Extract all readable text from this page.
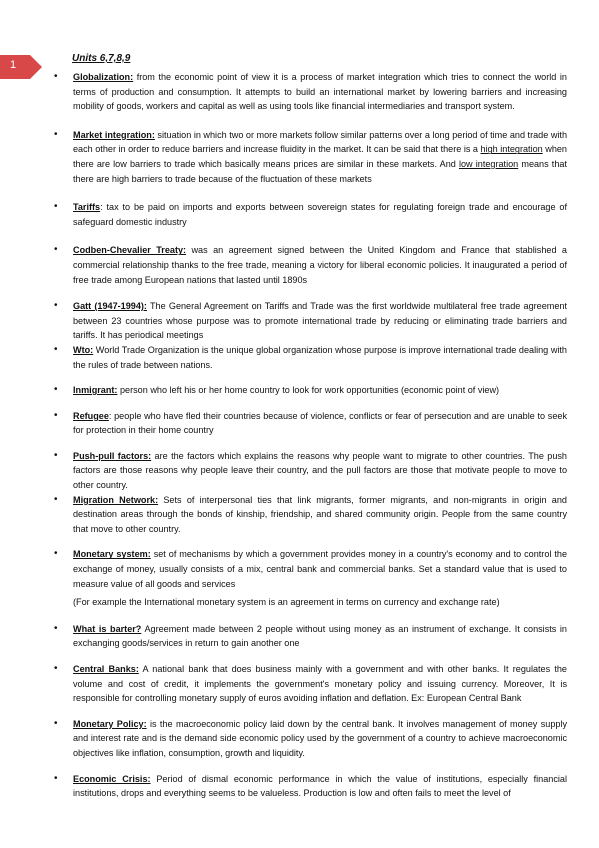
1
Units 6,7,8,9
• Globalization: from the economic point of view it is a process of market integration which tries to connect the world in terms of production and consumption. It attempts to build an international market by lowering barriers and increasing mobility of goods, workers and capital as well as using tools like financial intermediaries and transport system.
• Market integration: situation in which two or more markets follow similar patterns over a long period of time and trade with each other in order to reduce barriers and increase fluidity in the market. It can be said that there is a high integration when there are low barriers to trade which basically means prices are similar in these markets. And low integration means that there are high barriers to trade because of the fluctuation of these markets
• Tariffs: tax to be paid on imports and exports between sovereign states for regulating foreign trade and encourage of safeguard domestic industry
• Codben-Chevalier Treaty: was an agreement signed between the United Kingdom and France that stablished a commercial relationship thanks to the free trade, meaning a victory for liberal economic policies. It inaugurated a period of free trade among European nations that lasted until 1890s
• Gatt (1947-1994): The General Agreement on Tariffs and Trade was the first worldwide multilateral free trade agreement between 23 countries whose purpose was to promote international trade by reducing or eliminating trade barriers and tariffs. It has periodical meetings
• Wto: World Trade Organization is the unique global organization whose purpose is improve international trade dealing with the rules of trade between nations.
• Inmigrant: person who left his or her home country to look for work opportunities (economic point of view)
• Refugee: people who have fled their countries because of violence, conflicts or fear of persecution and are unable to seek for protection in their home country
• Push-pull factors: are the factors which explains the reasons why people want to migrate to other countries. The push factors are those reasons why people leave their country, and the pull factors are those that motivate people to move to other country.
• Migration Network: Sets of interpersonal ties that link migrants, former migrants, and non-migrants in origin and destination areas through the bonds of kinship, friendship, and shared community origin. People from the same country that move to other country.
• Monetary system: set of mechanisms by which a government provides money in a country's economy and to control the exchange of money, usually consists of a mix, central bank and commercial banks. Set a standard value that is used to measure value of all goods and services
(For example the International monetary system is an agreement in terms on currency and exchange rate)
• What is barter? Agreement made between 2 people without using money as an instrument of exchange. It consists in exchanging goods/services in return to gain another one
• Central Banks: A national bank that does business mainly with a government and with other banks. It regulates the volume and cost of credit, it implements the government's monetary policy and issuing currency. Moreover, It is responsible for controlling monetary supply of euros avoiding inflation and deflation. Ex: European Central Bank
• Monetary Policy: is the macroeconomic policy laid down by the central bank. It involves management of money supply and interest rate and is the demand side economic policy used by the government of a country to achieve macroeconomic objectives like inflation, consumption, growth and liquidity.
• Economic Crisis: Period of dismal economic performance in which the value of institutions, especially financial institutions, drops and everything seems to be valueless. Production is low and often fails to meet the level of
